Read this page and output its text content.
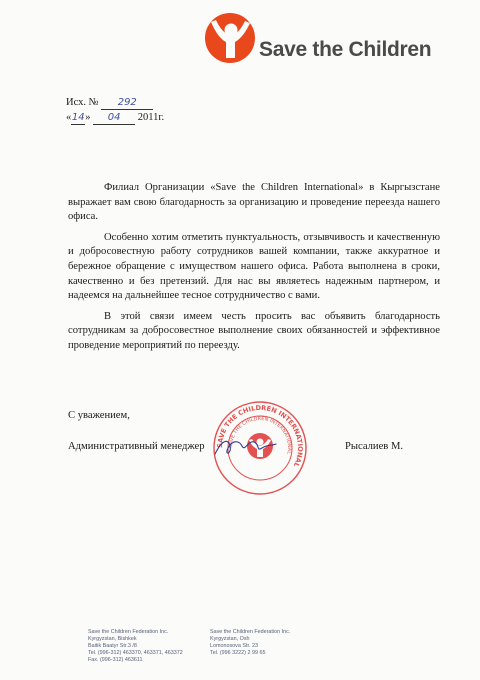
Save the Children
Исх. № 292
«14» 04 2011г.

Филиал Организации «Save the Children International» в Кыргызстане выражает вам свою благодарность за организацию и проведение переезда нашего офиса.

Особенно хотим отметить пунктуальность, отзывчивость и качественную и добросовестную работу сотрудников вашей компании, также аккуратное и бережное обращение с имуществом нашего офиса. Работа выполнена в сроки, качественно и без претензий. Для нас вы являетесь надежным партнером, и надеемся на дальнейшее тесное сотрудничество с вами.

В этой связи имеем честь просить вас объявить благодарность сотрудникам за добросовестное выполнение своих обязанностей и эффективное проведение мероприятий по переезду.

С уважением,
SAVE THE CHILDREN INTERNATIONAL
SAVE THE CHILDREN INTERNATIONAL
Административный менеджер	Рысалиев М.
Save the Children Federation Inc.
Kyrgyzstan, Bishkek
Baitik Baatyr Str.3 /8
Tel. (996-312) 463370, 463371, 463372
Fax. (996-312) 463611
Save the Children Federation Inc.
Kyrgyzstan, Osh
Lomonosova Str. 23
Tel. (996 3222) 2 99 65
